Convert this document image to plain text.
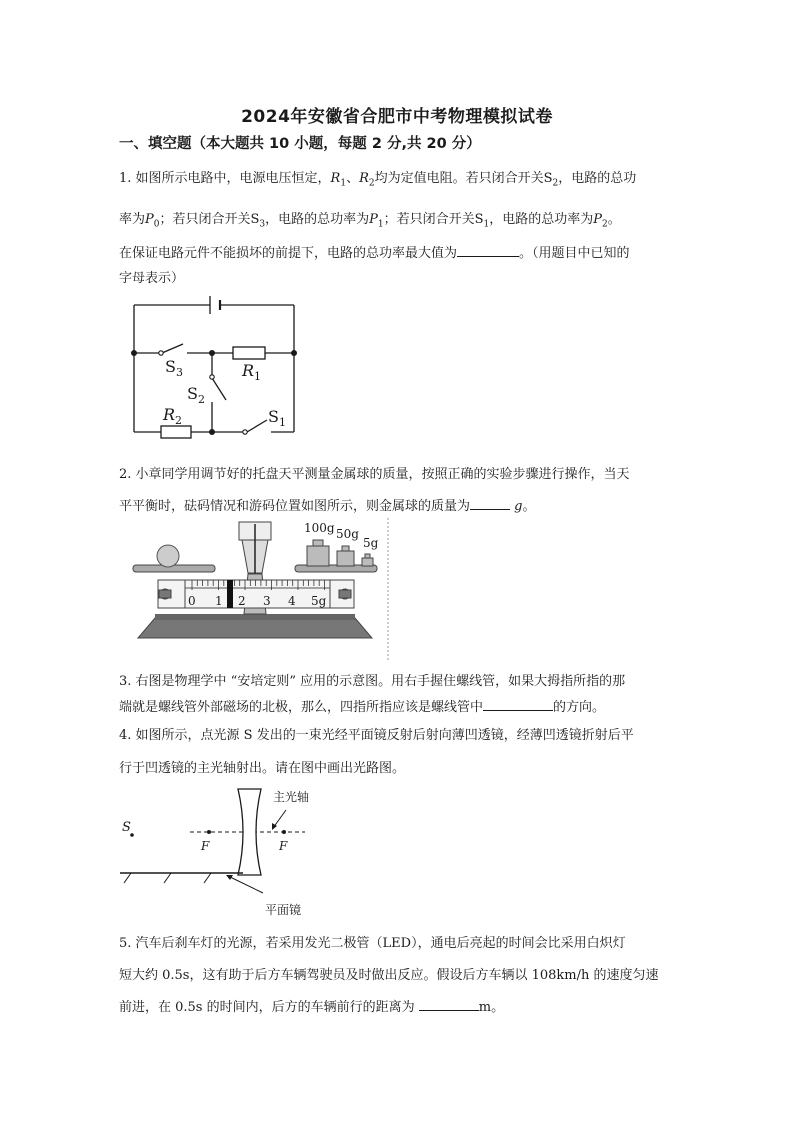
2024年安徽省合肥市中考物理模拟试卷
一、填空题（本大题共 10 小题，每题 2 分,共 20 分）
1. 如图所示电路中，电源电压恒定，$R_1$、$R_2$均为定值电阻。若只闭合开关$S_2$，电路的总功
率为$P_0$；若只闭合开关$S_3$，电路的总功率为$P_1$；若只闭合开关$S_1$，电路的总功率为$P_2$。
在保证电路元件不能损坏的前提下，电路的总功率最大值为	。（用题目中已知的
字母表示）
$S_3$	$R_1$
$S_2$
$R_2$	$S_1$
2. 小章同学用调节好的托盘天平测量金属球的质量，按照正确的实验步骤进行操作，当天
平平衡时，砝码情况和游码位置如图所示，则金属球的质量为	g。
100g 50g
5g
0 1 2 3 4 5g
3. 右图是物理学中 “安培定则” 应用的示意图。用右手握住螺线管，如果大拇指所指的那
端就是螺线管外部磁场的北极，那么，四指所指应该是螺线管中	的方向。
4. 如图所示，点光源 S 发出的一束光经平面镜反射后射向薄凹透镜，经薄凹透镜折射后平
行于凹透镜的主光轴射出。请在图中画出光路图。
主光轴
S
F	F
平面镜
5. 汽车后刹车灯的光源，若采用发光二极管（LED），通电后亮起的时间会比采用白炽灯
短大约 0.5s，这有助于后方车辆驾驶员及时做出反应。假设后方车辆以 108km/h 的速度匀速
前进，在 0.5s 的时间内，后方的车辆前行的距离为	m。
